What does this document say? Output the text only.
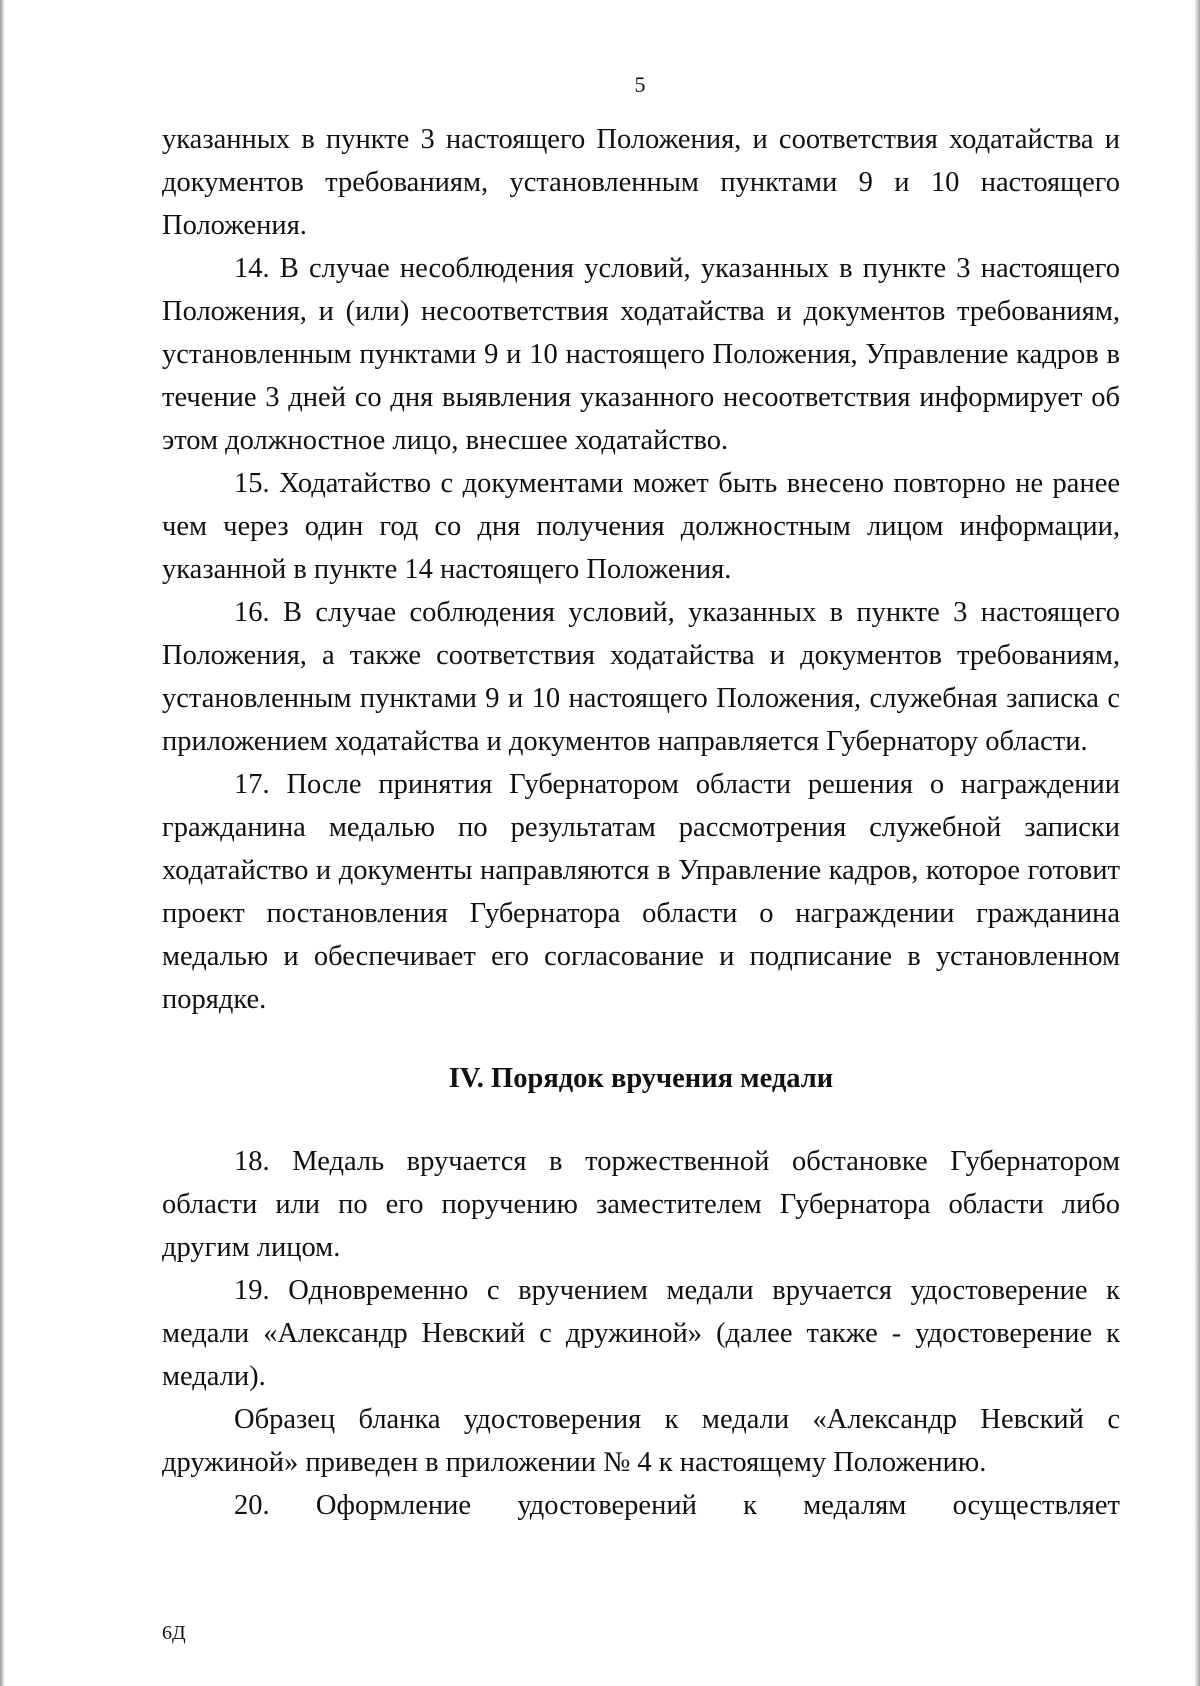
5

указанных в пункте 3 настоящего Положения, и соответствия ходатайства и документов требованиям, установленным пунктами 9 и 10 настоящего Положения.

14. В случае несоблюдения условий, указанных в пункте 3 настоящего Положения, и (или) несоответствия ходатайства и документов требованиям, установленным пунктами 9 и 10 настоящего Положения, Управление кадров в течение 3 дней со дня выявления указанного несоответствия информирует об этом должностное лицо, внесшее ходатайство.

15. Ходатайство с документами может быть внесено повторно не ранее чем через один год со дня получения должностным лицом информации, указанной в пункте 14 настоящего Положения.

16. В случае соблюдения условий, указанных в пункте 3 настоящего Положения, а также соответствия ходатайства и документов требованиям, установленным пунктами 9 и 10 настоящего Положения, служебная записка с приложением ходатайства и документов направляется Губернатору области.

17. После принятия Губернатором области решения о награждении гражданина медалью по результатам рассмотрения служебной записки ходатайство и документы направляются в Управление кадров, которое готовит проект постановления Губернатора области о награждении гражданина медалью и обеспечивает его согласование и подписание в установленном порядке.

IV. Порядок вручения медали

18. Медаль вручается в торжественной обстановке Губернатором области или по его поручению заместителем Губернатора области либо другим лицом.

19. Одновременно с вручением медали вручается удостоверение к медали «Александр Невский с дружиной» (далее также - удостоверение к медали).

Образец бланка удостоверения к медали «Александр Невский с дружиной» приведен в приложении № 4 к настоящему Положению.

20. Оформление удостоверений к медалям осуществляет

6Д
